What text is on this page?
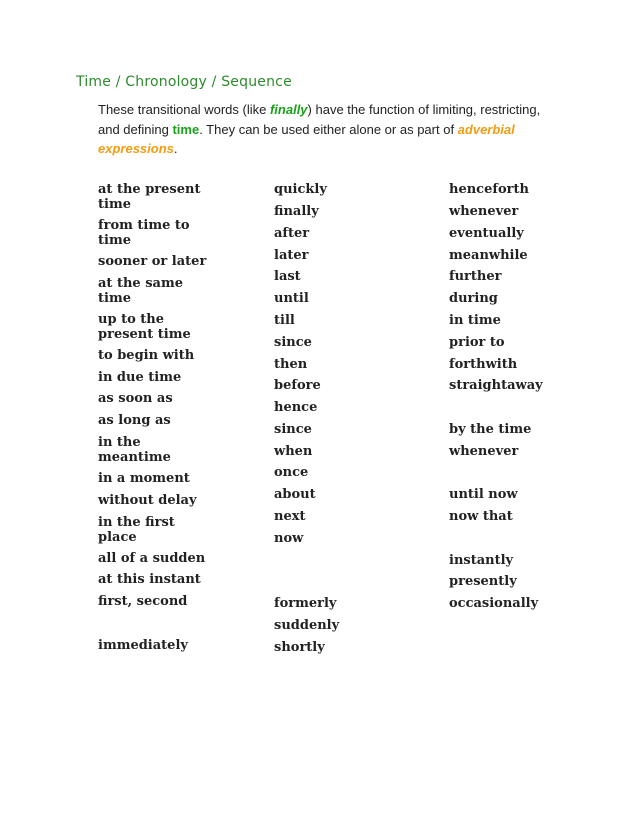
Time / Chronology / Sequence
These transitional words (like finally) have the function of limiting, restricting, and defining time. They can be used either alone or as part of adverbial expressions.
at the present time
from time to time
sooner or later
at the same time
up to the present time
to begin with
in due time
as soon as
as long as
in the meantime
in a moment
without delay
in the first place
all of a sudden
at this instant
first, second
immediately
quickly
finally
after
later
last
until
till
since
then
before
hence
since
when
once
about
next
now
formerly
suddenly
shortly
henceforth
whenever
eventually
meanwhile
further
during
in time
prior to
forthwith
straightaway
by the time
whenever
until now
now that
instantly
presently
occasionally
